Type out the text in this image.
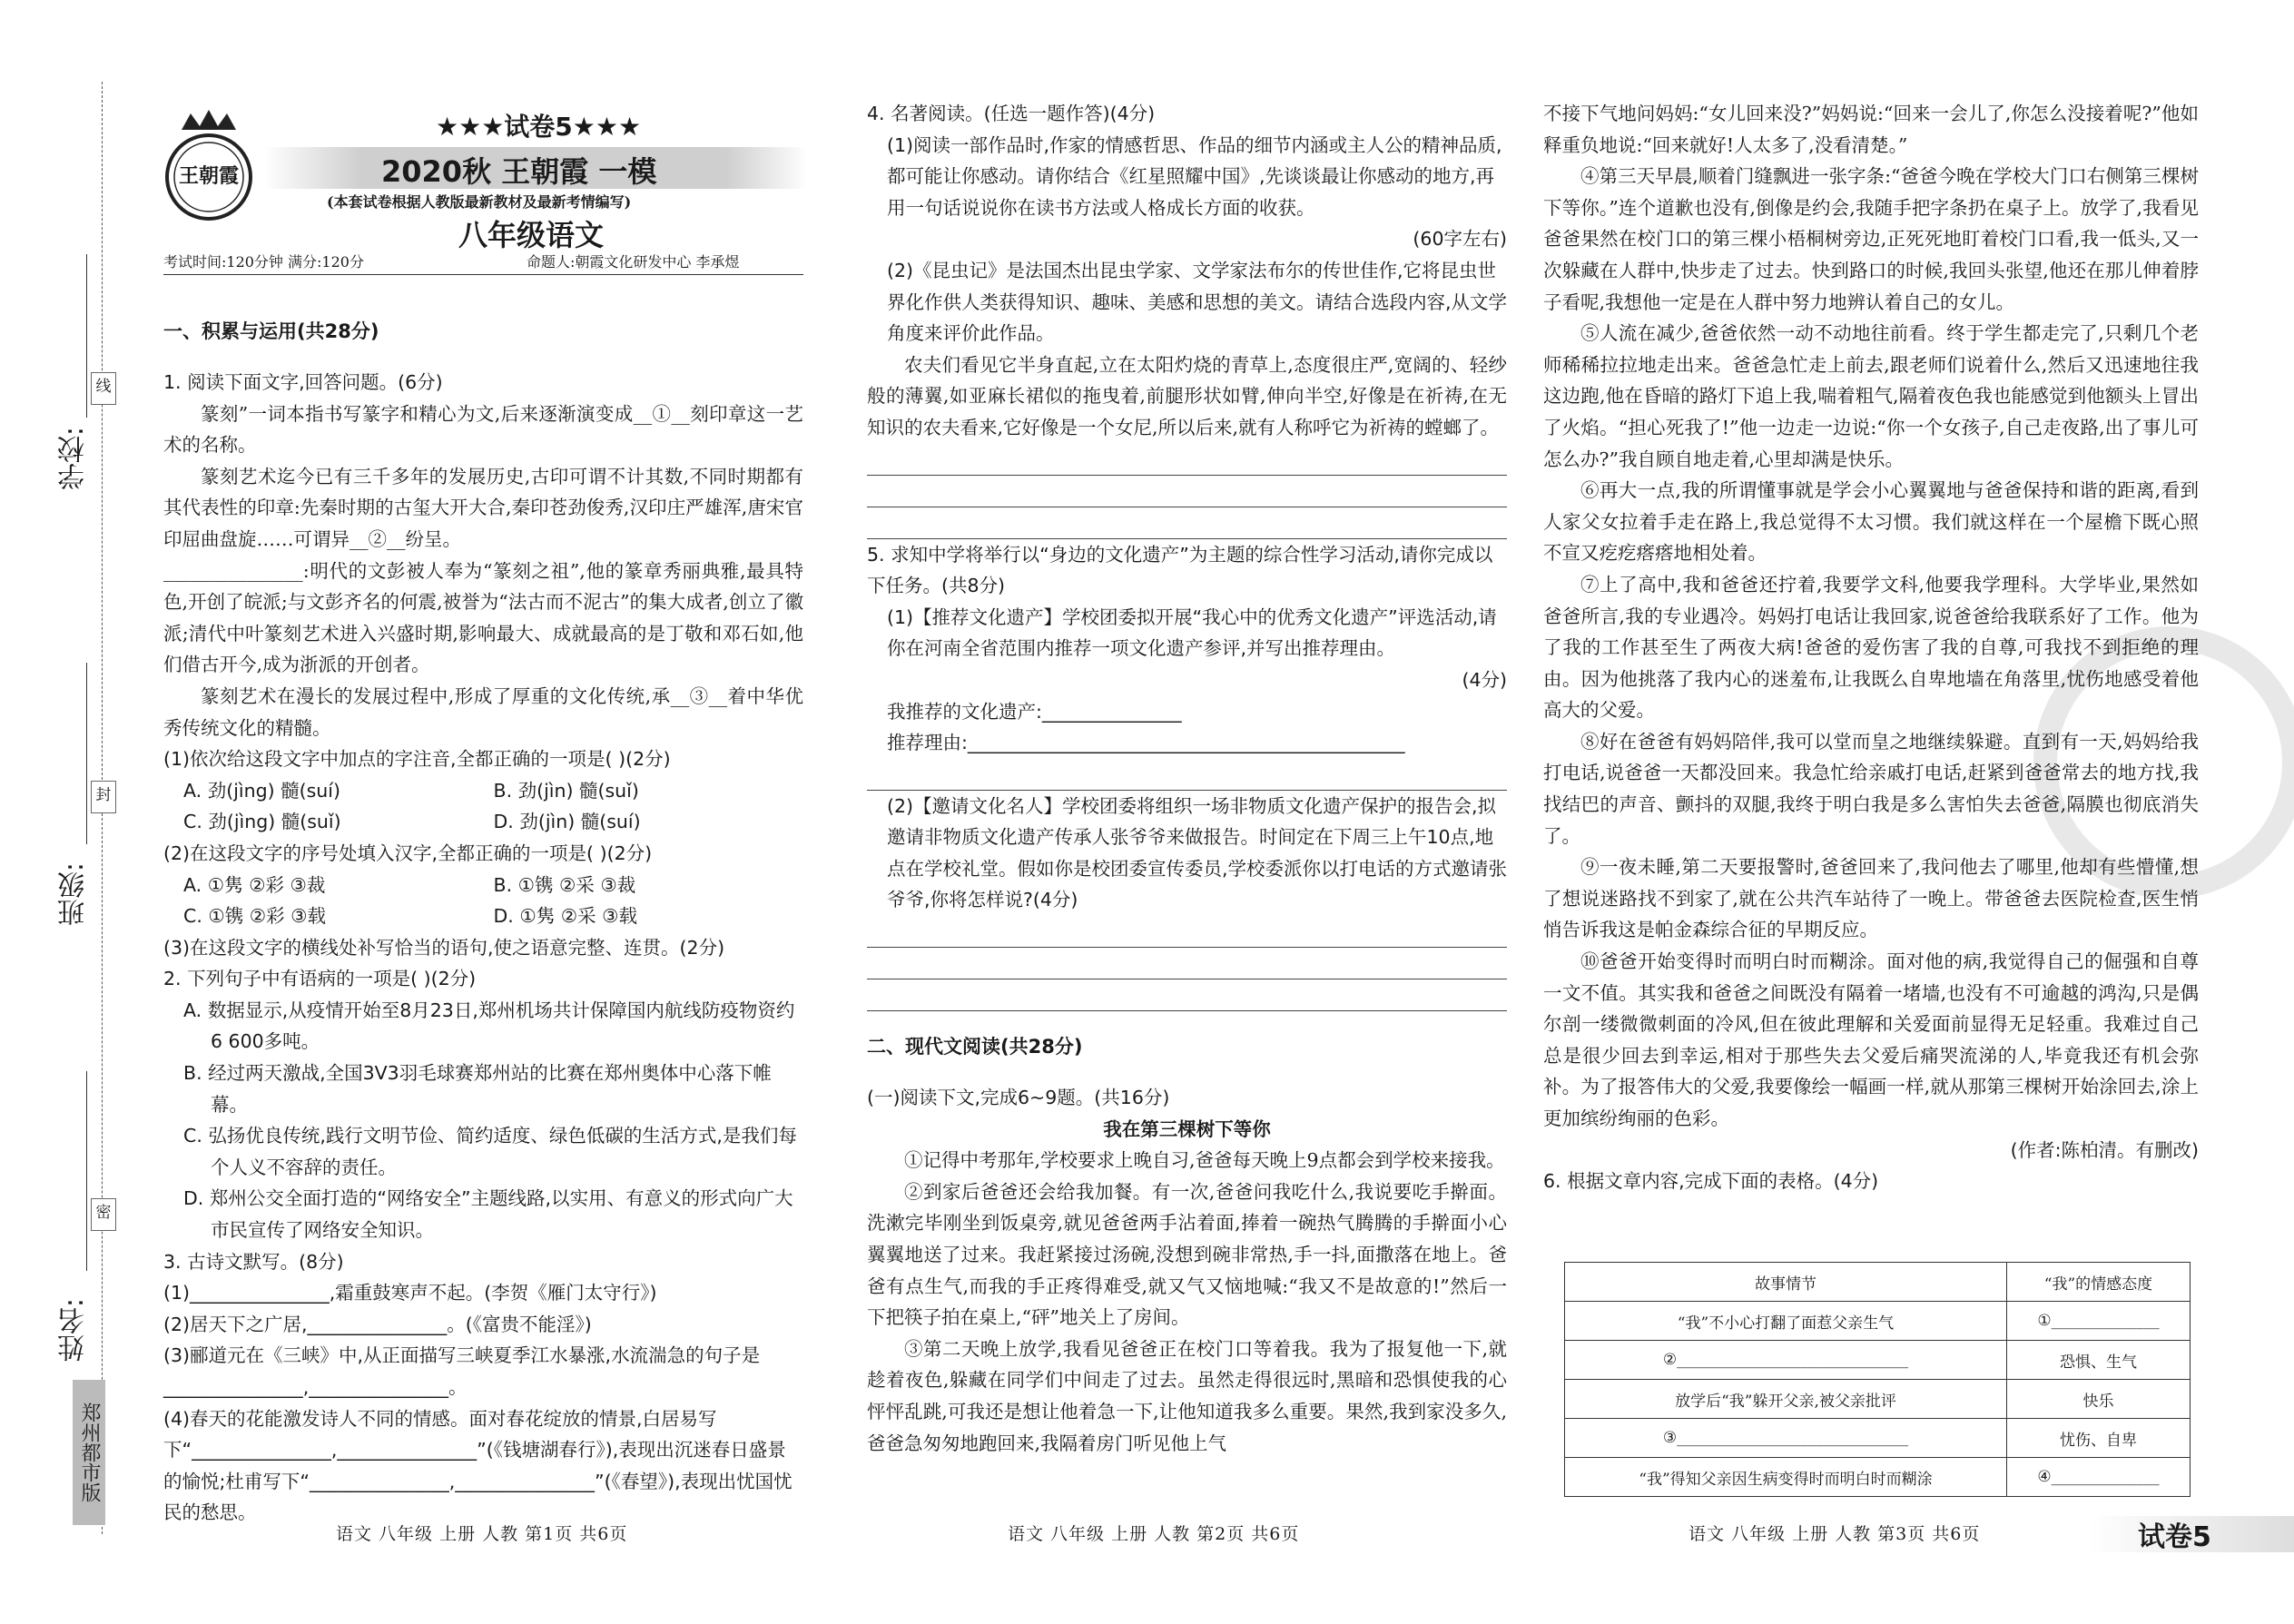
学校:
班级:
姓名:
线
封
密
郑州都市版
王朝霞
★★★试卷5★★★
2020秋 王朝霞 一模
(本套试卷根据人教版最新教材及最新考情编写)
八年级语文
考试时间:120分钟 满分:120分	命题人:朝霞文化研发中心 李承煜

一、积累与运用(共28分)

1. 阅读下面文字,回答问题。(6分)

篆刻”一词本指书写篆字和精心为文,后来逐渐演变成__①__刻印章这一艺术的名称。

篆刻艺术迄今已有三千多年的发展历史,古印可谓不计其数,不同时期都有其代表性的印章:先秦时期的古玺大开大合,秦印苍劲俊秀,汉印庄严雄浑,唐宋官印屈曲盘旋……可谓异__②__纷呈。

_______________:明代的文彭被人奉为“篆刻之祖”,他的篆章秀丽典雅,最具特色,开创了皖派;与文彭齐名的何震,被誉为“法古而不泥古”的集大成者,创立了徽派;清代中叶篆刻艺术进入兴盛时期,影响最大、成就最高的是丁敬和邓石如,他们借古开今,成为浙派的开创者。

篆刻艺术在漫长的发展过程中,形成了厚重的文化传统,承__③__着中华优秀传统文化的精髓。

(1)依次给这段文字中加点的字注音,全都正确的一项是( )(2分)

A. 劲(jìng) 髓(suí)	B. 劲(jìn) 髓(suǐ)
C. 劲(jìng) 髓(suǐ)	D. 劲(jìn) 髓(suí)

(2)在这段文字的序号处填入汉字,全都正确的一项是( )(2分)

A. ①隽 ②彩 ③裁	B. ①镌 ②采 ③裁
C. ①镌 ②彩 ③载	D. ①隽 ②采 ③载

(3)在这段文字的横线处补写恰当的语句,使之语意完整、连贯。(2分)

2. 下列句子中有语病的一项是( )(2分)

A. 数据显示,从疫情开始至8月23日,郑州机场共计保障国内航线防疫物资约6 600多吨。

B. 经过两天激战,全国3V3羽毛球赛郑州站的比赛在郑州奥体中心落下帷幕。

C. 弘扬优良传统,践行文明节俭、简约适度、绿色低碳的生活方式,是我们每个人义不容辞的责任。

D. 郑州公交全面打造的“网络安全”主题线路,以实用、有意义的形式向广大市民宣传了网络安全知识。

3. 古诗文默写。(8分)

(1)_______________,霜重鼓寒声不起。(李贺《雁门太守行》)

(2)居天下之广居,_______________。(《富贵不能淫》)

(3)郦道元在《三峡》中,从正面描写三峡夏季江水暴涨,水流湍急的句子是_______________,_______________。

(4)春天的花能激发诗人不同的情感。面对春花绽放的情景,白居易写下“_______________,_______________”(《钱塘湖春行》),表现出沉迷春日盛景的愉悦;杜甫写下“_______________,_______________”(《春望》),表现出忧国忧民的愁思。

4. 名著阅读。(任选一题作答)(4分)

(1)阅读一部作品时,作家的情感哲思、作品的细节内涵或主人公的精神品质,都可能让你感动。请你结合《红星照耀中国》,先谈谈最让你感动的地方,再用一句话说说你在读书方法或人格成长方面的收获。

(60字左右)

(2)《昆虫记》是法国杰出昆虫学家、文学家法布尔的传世佳作,它将昆虫世界化作供人类获得知识、趣味、美感和思想的美文。请结合选段内容,从文学角度来评价此作品。

农夫们看见它半身直起,立在太阳灼烧的青草上,态度很庄严,宽阔的、轻纱般的薄翼,如亚麻长裙似的拖曳着,前腿形状如臂,伸向半空,好像是在祈祷,在无知识的农夫看来,它好像是一个女尼,所以后来,就有人称呼它为祈祷的螳螂了。

5. 求知中学将举行以“身边的文化遗产”为主题的综合性学习活动,请你完成以下任务。(共8分)

(1)【推荐文化遗产】学校团委拟开展“我心中的优秀文化遗产”评选活动,请你在河南全省范围内推荐一项文化遗产参评,并写出推荐理由。

(4分)

我推荐的文化遗产:_______________

推荐理由:_______________________________________________

(2)【邀请文化名人】学校团委将组织一场非物质文化遗产保护的报告会,拟邀请非物质文化遗产传承人张爷爷来做报告。时间定在下周三上午10点,地点在学校礼堂。假如你是校团委宣传委员,学校委派你以打电话的方式邀请张爷爷,你将怎样说?(4分)

二、现代文阅读(共28分)

(一)阅读下文,完成6~9题。(共16分)

我在第三棵树下等你

①记得中考那年,学校要求上晚自习,爸爸每天晚上9点都会到学校来接我。

②到家后爸爸还会给我加餐。有一次,爸爸问我吃什么,我说要吃手擀面。洗漱完毕刚坐到饭桌旁,就见爸爸两手沾着面,捧着一碗热气腾腾的手擀面小心翼翼地送了过来。我赶紧接过汤碗,没想到碗非常热,手一抖,面撒落在地上。爸爸有点生气,而我的手正疼得难受,就又气又恼地喊:“我又不是故意的!”然后一下把筷子拍在桌上,“砰”地关上了房间。

③第二天晚上放学,我看见爸爸正在校门口等着我。我为了报复他一下,就趁着夜色,躲藏在同学们中间走了过去。虽然走得很远时,黑暗和恐惧使我的心怦怦乱跳,可我还是想让他着急一下,让他知道我多么重要。果然,我到家没多久,爸爸急匆匆地跑回来,我隔着房门听见他上气

不接下气地问妈妈:“女儿回来没?”妈妈说:“回来一会儿了,你怎么没接着呢?”他如释重负地说:“回来就好!人太多了,没看清楚。”

④第三天早晨,顺着门缝飘进一张字条:“爸爸今晚在学校大门口右侧第三棵树下等你。”连个道歉也没有,倒像是约会,我随手把字条扔在桌子上。放学了,我看见爸爸果然在校门口的第三棵小梧桐树旁边,正死死地盯着校门口看,我一低头,又一次躲藏在人群中,快步走了过去。快到路口的时候,我回头张望,他还在那儿伸着脖子看呢,我想他一定是在人群中努力地辨认着自己的女儿。

⑤人流在减少,爸爸依然一动不动地往前看。终于学生都走完了,只剩几个老师稀稀拉拉地走出来。爸爸急忙走上前去,跟老师们说着什么,然后又迅速地往我这边跑,他在昏暗的路灯下追上我,喘着粗气,隔着夜色我也能感觉到他额头上冒出了火焰。“担心死我了!”他一边走一边说:“你一个女孩子,自己走夜路,出了事儿可怎么办?”我自顾自地走着,心里却满是快乐。

⑥再大一点,我的所谓懂事就是学会小心翼翼地与爸爸保持和谐的距离,看到人家父女拉着手走在路上,我总觉得不太习惯。我们就这样在一个屋檐下既心照不宣又疙疙瘩瘩地相处着。

⑦上了高中,我和爸爸还拧着,我要学文科,他要我学理科。大学毕业,果然如爸爸所言,我的专业遇冷。妈妈打电话让我回家,说爸爸给我联系好了工作。他为了我的工作甚至生了两夜大病!爸爸的爱伤害了我的自尊,可我找不到拒绝的理由。因为他挑落了我内心的迷羞布,让我既么自卑地墙在角落里,忧伤地感受着他高大的父爱。

⑧好在爸爸有妈妈陪伴,我可以堂而皇之地继续躲避。直到有一天,妈妈给我打电话,说爸爸一天都没回来。我急忙给亲戚打电话,赶紧到爸爸常去的地方找,我找结巴的声音、颤抖的双腿,我终于明白我是多么害怕失去爸爸,隔膜也彻底消失了。

⑨一夜未睡,第二天要报警时,爸爸回来了,我问他去了哪里,他却有些懵懂,想了想说迷路找不到家了,就在公共汽车站待了一晚上。带爸爸去医院检查,医生悄悄告诉我这是帕金森综合征的早期反应。

⑩爸爸开始变得时而明白时而糊涂。面对他的病,我觉得自己的倔强和自尊一文不值。其实我和爸爸之间既没有隔着一堵墙,也没有不可逾越的鸿沟,只是偶尔剖一缕微微刺面的冷风,但在彼此理解和关爱面前显得无足轻重。我难过自己总是很少回去到幸运,相对于那些失去父爱后痛哭流涕的人,毕竟我还有机会弥补。为了报答伟大的父爱,我要像绘一幅画一样,就从那第三棵树开始涂回去,涂上更加缤纷绚丽的色彩。

(作者:陈柏清。有删改)

6. 根据文章内容,完成下面的表格。(4分)

故事情节	“我”的情感态度
“我”不小心打翻了面惹父亲生气	①______________
②______________________________	恐惧、生气
放学后“我”躲开父亲,被父亲批评	快乐
③______________________________	忧伤、自卑
“我”得知父亲因生病变得时而明白时而糊涂	④______________
语文 八年级 上册 人教 第1页 共6页	语文 八年级 上册 人教 第2页 共6页	语文 八年级 上册 人教 第3页 共6页	试卷5
